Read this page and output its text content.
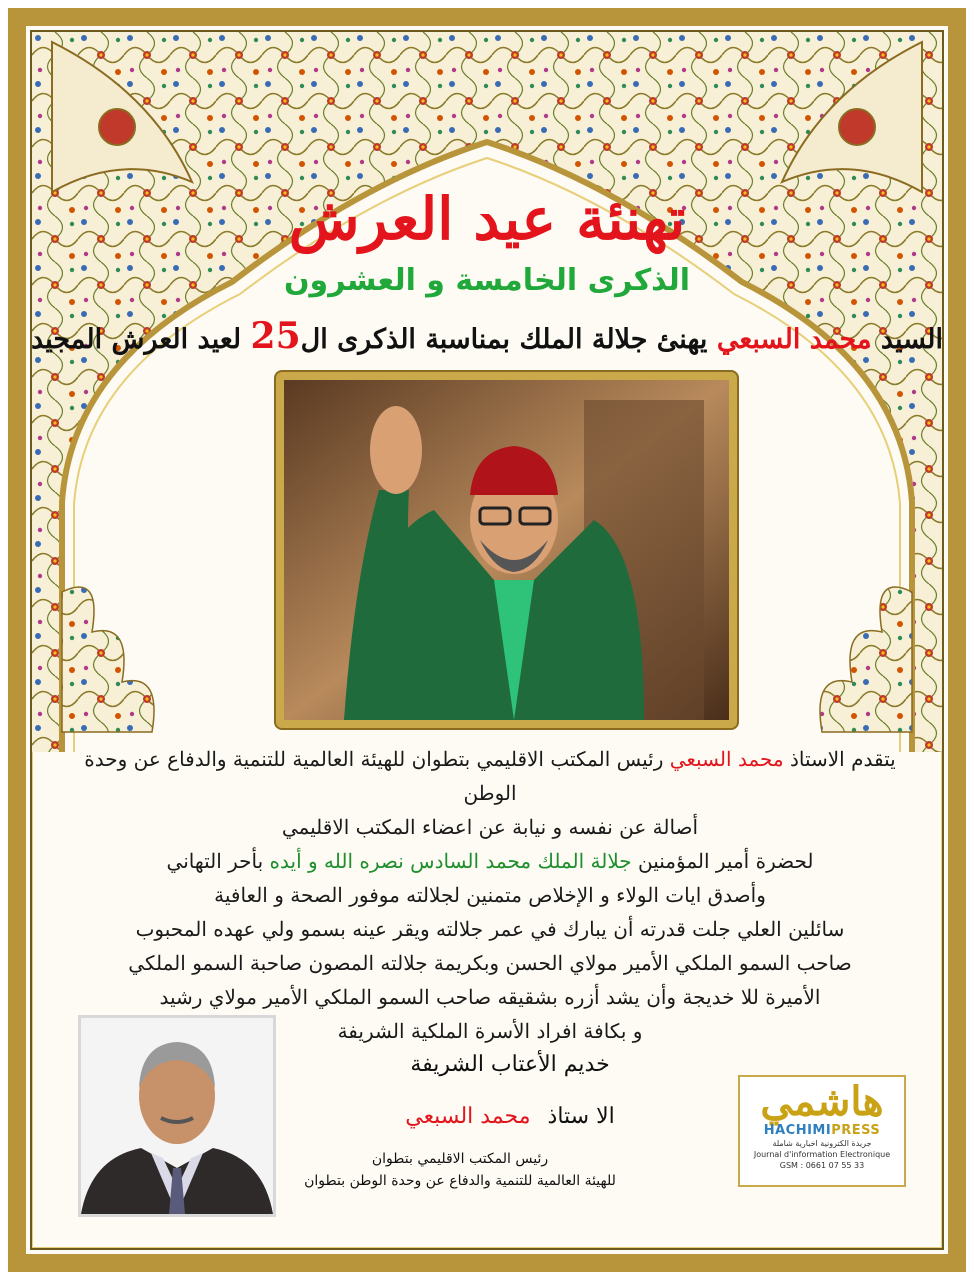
تهنئة عيد العرش
الذكرى الخامسة و العشرون
السيد محمد السبعي يهنئ جلالة الملك بمناسبة الذكرى ال25 لعيد العرش المجيد

يتقدم الاستاذ محمد السبعي رئيس المكتب الاقليمي بتطوان للهيئة العالمية للتنمية والدفاع عن وحدة الوطن

أصالة عن نفسه و نيابة عن اعضاء المكتب الاقليمي

لحضرة أمير المؤمنين جلالة الملك محمد السادس نصره الله و أيده بأحر التهاني

وأصدق ايات الولاء و الإخلاص متمنين لجلالته موفور الصحة و العافية

سائلين العلي جلت قدرته أن يبارك في عمر جلالته ويقر عينه بسمو ولي عهده المحبوب

صاحب السمو الملكي الأمير مولاي الحسن وبكريمة جلالته المصون صاحبة السمو الملكي

الأميرة للا خديجة وأن يشد أزره بشقيقه صاحب السمو الملكي الأمير مولاي رشيد

و بكافة افراد الأسرة الملكية الشريفة

خديم الأعتاب الشريفة
الا ستاذ محمد السبعي
رئيس المكتب الاقليمي بتطوان
للهيئة العالمية للتنمية والدفاع عن وحدة الوطن بتطوان
هاشمي
HACHIMIPRESS
جريدة الكترونية اخبارية شاملة
Journal d'information Electronique
GSM : 0661 07 55 33
